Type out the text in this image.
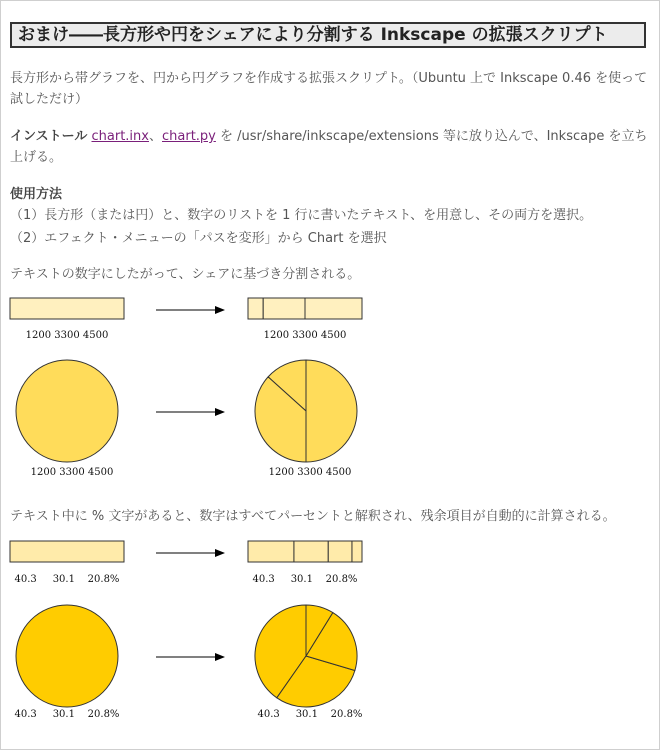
おまけ――長方形や円をシェアにより分割する Inkscape の拡張スクリプト
長方形から帯グラフを、円から円グラフを作成する拡張スクリプト。（Ubuntu 上で Inkscape 0.46 を使って試しただけ）
インストール chart.inx、chart.py を /usr/share/inkscape/extensions 等に放り込んで、Inkscape を立ち上げる。
使用方法
（1）長方形（または円）と、数字のリストを 1 行に書いたテキスト、を用意し、その両方を選択。
（2）エフェクト・メニューの「パスを変形」から Chart を選択
テキストの数字にしたがって、シェアに基づき分割される。
テキスト中に % 文字があると、数字はすべてパーセントと解釈され、残余項目が自動的に計算される。
1200 3300 4500	1200 3300 4500
1200 3300 4500	1200 3300 4500
40.3     30.1    20.8%	40.3     30.1    20.8%
40.3     30.1    20.8%	40.3     30.1    20.8%
